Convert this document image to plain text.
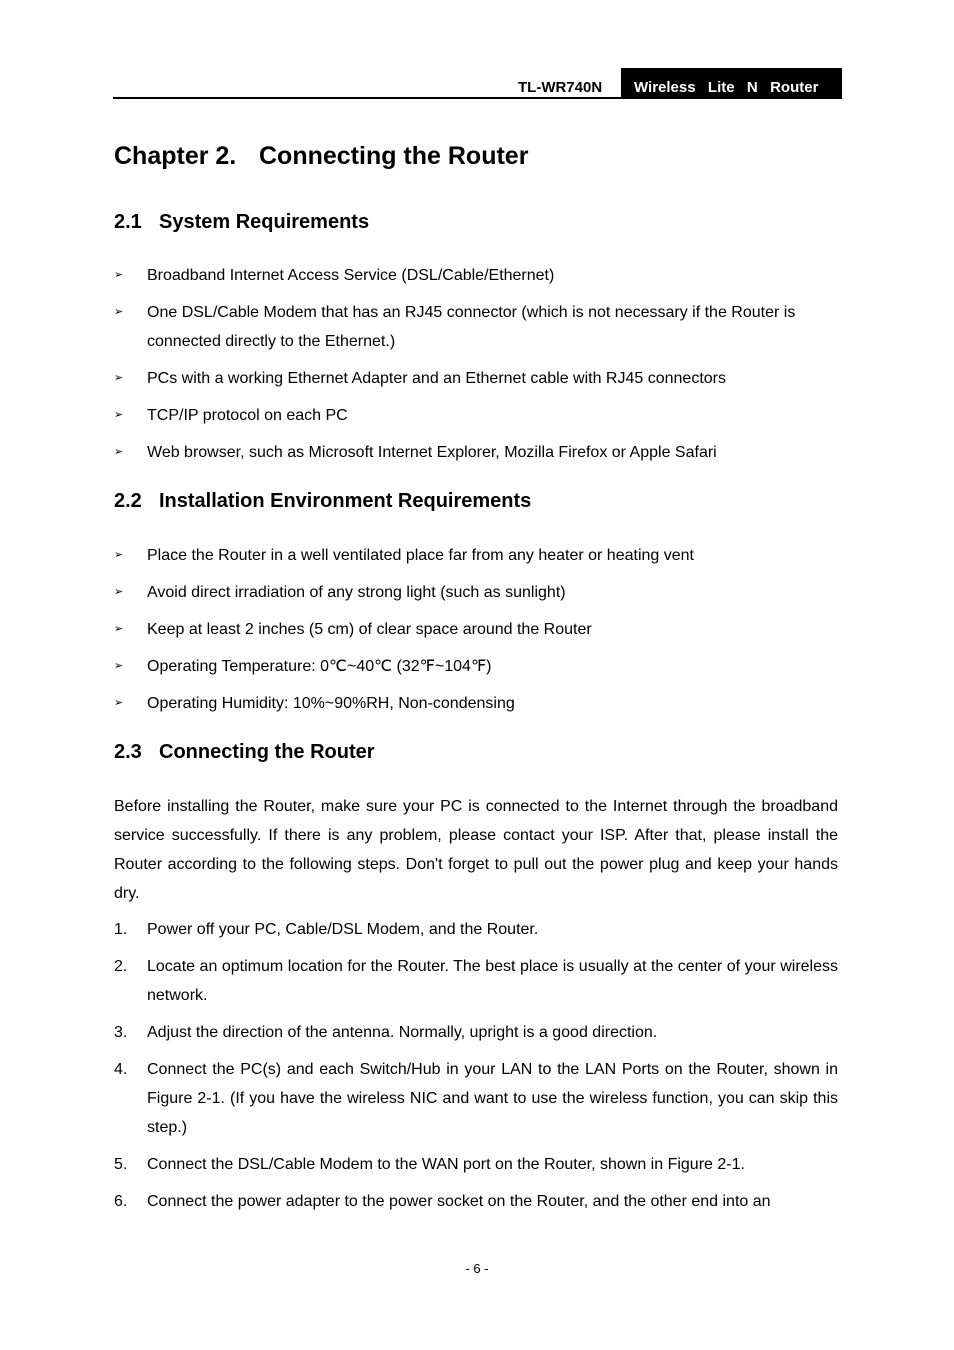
TL-WR740N	Wireless  Lite  N  Router
Chapter 2. Connecting the Router
2.1 System Requirements
➢ Broadband Internet Access Service (DSL/Cable/Ethernet)
➢ One DSL/Cable Modem that has an RJ45 connector (which is not necessary if the Router is connected directly to the Ethernet.)
➢ PCs with a working Ethernet Adapter and an Ethernet cable with RJ45 connectors
➢ TCP/IP protocol on each PC
➢ Web browser, such as Microsoft Internet Explorer, Mozilla Firefox or Apple Safari
2.2 Installation Environment Requirements
➢ Place the Router in a well ventilated place far from any heater or heating vent
➢ Avoid direct irradiation of any strong light (such as sunlight)
➢ Keep at least 2 inches (5 cm) of clear space around the Router
➢ Operating Temperature: 0℃~40℃ (32℉~104℉)
➢ Operating Humidity: 10%~90%RH, Non-condensing
2.3 Connecting the Router

Before installing the Router, make sure your PC is connected to the Internet through the broadband service successfully. If there is any problem, please contact your ISP. After that, please install the Router according to the following steps. Don't forget to pull out the power plug and keep your hands dry.

1. Power off your PC, Cable/DSL Modem, and the Router.
2. Locate an optimum location for the Router. The best place is usually at the center of your wireless network.
3. Adjust the direction of the antenna. Normally, upright is a good direction.
4. Connect the PC(s) and each Switch/Hub in your LAN to the LAN Ports on the Router, shown in Figure 2-1. (If you have the wireless NIC and want to use the wireless function, you can skip this step.)
5. Connect the DSL/Cable Modem to the WAN port on the Router, shown in Figure 2-1.
6. Connect the power adapter to the power socket on the Router, and the other end into an
- 6 -
